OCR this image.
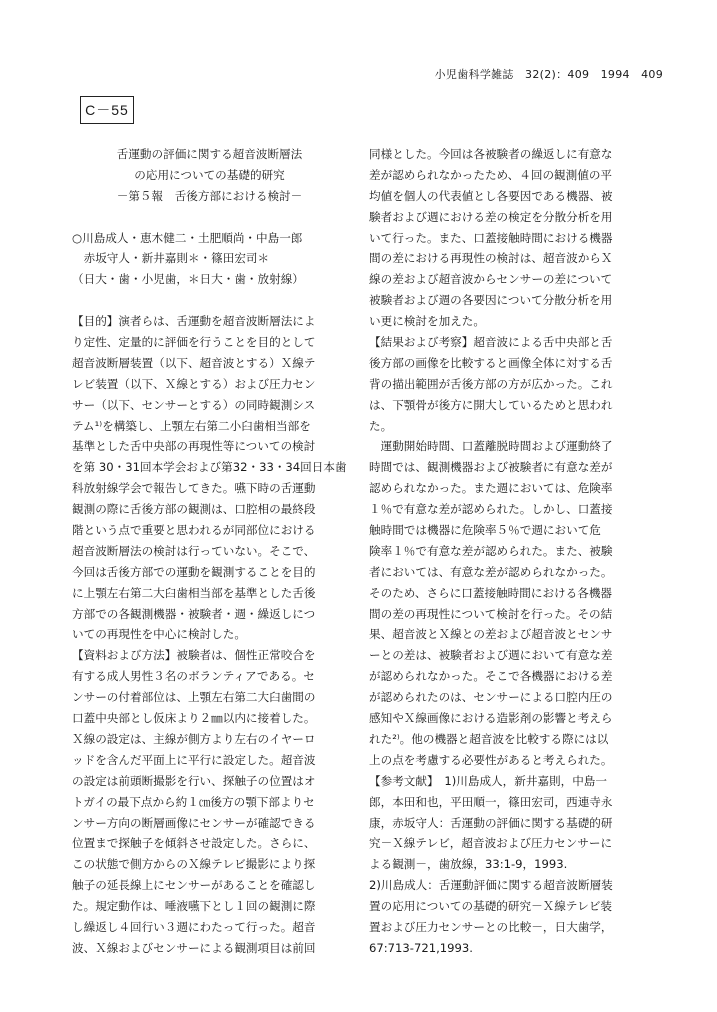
小児歯科学雑誌　32(2)：409　1994　409
C－55
舌運動の評価に関する超音波断層法
の応用についての基礎的研究
－第５報　舌後方部における検討－
○川島成人・恵木健二・土肥順尚・中島一郎
　赤坂守人・新井嘉則＊・篠田宏司＊
（日大・歯・小児歯，＊日大・歯・放射線）
【目的】演者らは、舌運動を超音波断層法によ
り定性、定量的に評価を行うことを目的として
超音波断層装置（以下、超音波とする）Ｘ線テ
レビ装置（以下、Ｘ線とする）および圧力セン
サー（以下、センサーとする）の同時観測シス
テム¹⁾を構築し、上顎左右第二小臼歯相当部を
基準とした舌中央部の再現性等についての検討
を第 30・31回本学会および第32・33・34回日本歯
科放射線学会で報告してきた。嚥下時の舌運動
観測の際に舌後方部の観測は、口腔相の最終段
階という点で重要と思われるが同部位における
超音波断層法の検討は行っていない。そこで、
今回は舌後方部での運動を観測することを目的
に上顎左右第二大臼歯相当部を基準とした舌後
方部での各観測機器・被験者・週・繰返しにつ
いての再現性を中心に検討した。
【資料および方法】被験者は、個性正常咬合を
有する成人男性３名のボランティアである。セ
ンサーの付着部位は、上顎左右第二大臼歯間の
口蓋中央部とし仮床より２㎜以内に接着した。
Ｘ線の設定は、主線が側方より左右のイヤーロ
ッドを含んだ平面上に平行に設定した。超音波
の設定は前頭断撮影を行い、探触子の位置はオ
トガイの最下点から約１㎝後方の顎下部よりセ
ンサー方向の断層画像にセンサーが確認できる
位置まで探触子を傾斜させ設定した。さらに、
この状態で側方からのＸ線テレビ撮影により探
触子の延長線上にセンサーがあることを確認し
た。規定動作は、唾液嚥下とし１回の観測に際
し繰返し４回行い３週にわたって行った。超音
波、Ｘ線およびセンサーによる観測項目は前回
同様とした。今回は各被験者の繰返しに有意な
差が認められなかったため、４回の観測値の平
均値を個人の代表値とし各要因である機器、被
験者および週における差の検定を分散分析を用
いて行った。また、口蓋接触時間における機器
間の差における再現性の検討は、超音波からＸ
線の差および超音波からセンサーの差について
被験者および週の各要因について分散分析を用
い更に検討を加えた。
【結果および考察】超音波による舌中央部と舌
後方部の画像を比較すると画像全体に対する舌
背の描出範囲が舌後方部の方が広かった。これ
は、下顎骨が後方に開大しているためと思われ
た。
　運動開始時間、口蓋離脱時間および運動終了
時間では、観測機器および被験者に有意な差が
認められなかった。また週においては、危険率
１％で有意な差が認められた。しかし、口蓋接
触時間では機器に危険率５％で週において危
険率１％で有意な差が認められた。また、被験
者においては、有意な差が認められなかった。
そのため、さらに口蓋接触時間における各機器
間の差の再現性について検討を行った。その結
果、超音波とＸ線との差および超音波とセンサ
ーとの差は、被験者および週において有意な差
が認められなかった。そこで各機器における差
が認められたのは、センサーによる口腔内圧の
感知やＸ線画像における造影剤の影響と考えら
れた²⁾。他の機器と超音波を比較する際には以
上の点を考慮する必要性があると考えられた。
【参考文献】　1)川島成人，新井嘉則，中島一
郎，本田和也，平田順一，篠田宏司，西連寺永
康，赤坂守人：舌運動の評価に関する基礎的研
究－Ｘ線テレビ，超音波および圧力センサーに
よる観測－，歯放線，33:1-9，1993.
2)川島成人：舌運動評価に関する超音波断層装
置の応用についての基礎的研究－Ｘ線テレビ装
置および圧力センサーとの比較－，日大歯学，
67:713-721,1993.
